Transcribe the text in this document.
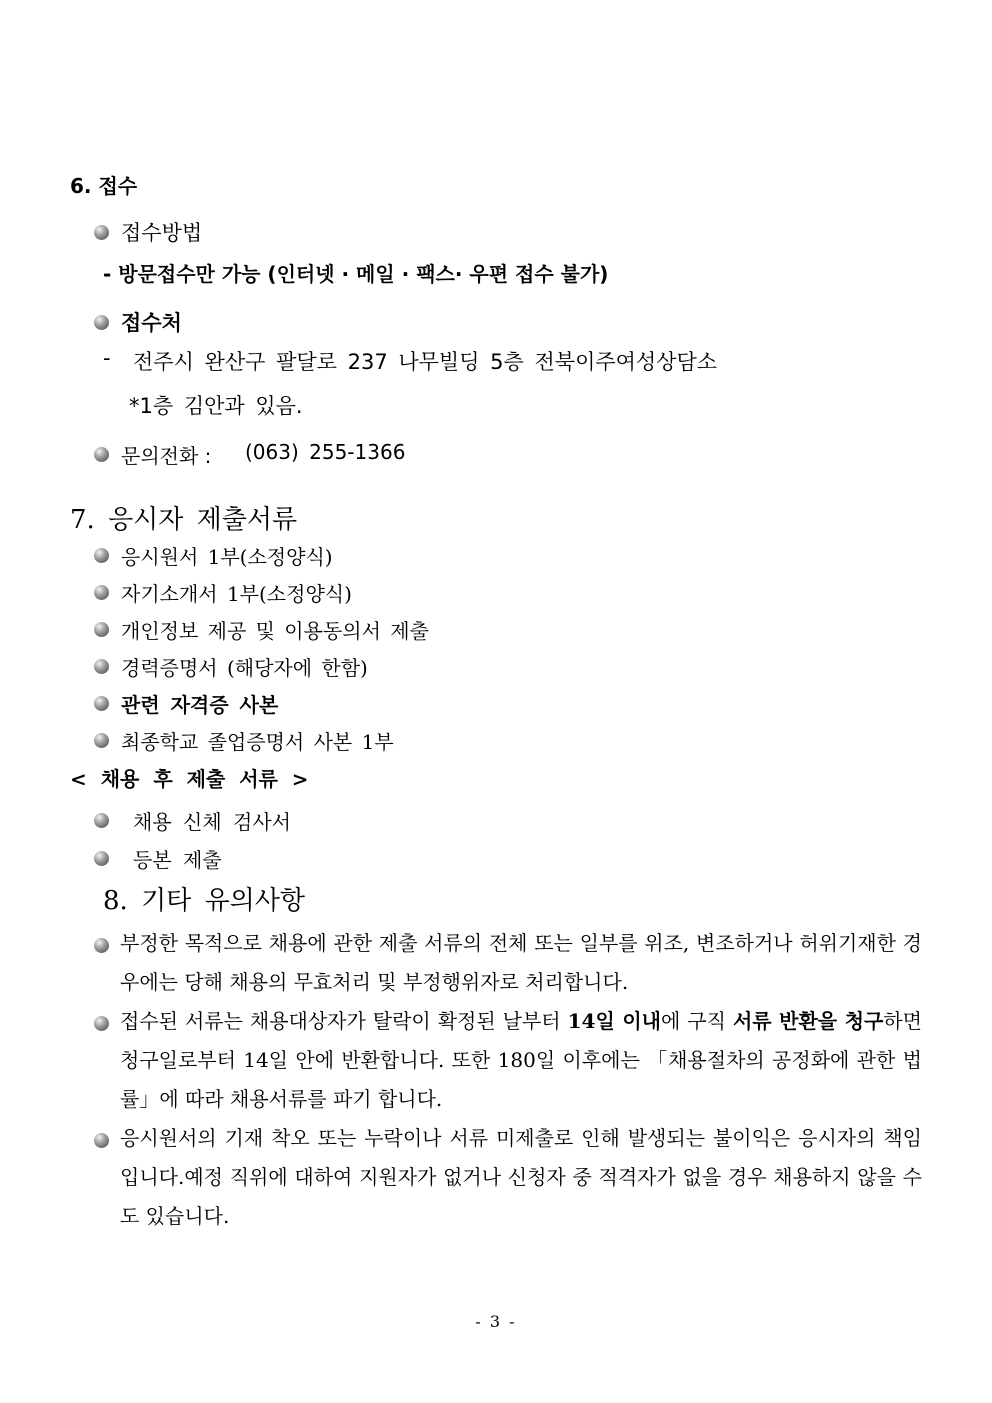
6. 접수
접수방법
- 방문접수만 가능 (인터넷 · 메일 · 팩스· 우편 접수 불가)
접수처
- 전주시 완산구 팔달로 237 나무빌딩 5층 전북이주여성상담소
*1층 김안과 있음.
문의전화 : (063) 255-1366
7. 응시자 제출서류
응시원서 1부(소정양식)
자기소개서 1부(소정양식)
개인정보 제공 및 이용동의서 제출
경력증명서 (해당자에 한함)
관련 자격증 사본
최종학교 졸업증명서 사본 1부
< 채용 후 제출 서류 >
채용 신체 검사서
등본 제출
8. 기타 유의사항
부정한 목적으로 채용에 관한 제출 서류의 전체 또는 일부를 위조, 변조하거나 허위기재한 경우에는 당해 채용의 무효처리 및 부정행위자로 처리합니다.
접수된 서류는 채용대상자가 탈락이 확정된 날부터 14일 이내에 구직 서류 반환을 청구하면 청구일로부터 14일 안에 반환합니다. 또한 180일 이후에는 「채용절차의 공정화에 관한 법률」에 따라 채용서류를 파기 합니다.
응시원서의 기재 착오 또는 누락이나 서류 미제출로 인해 발생되는 불이익은 응시자의 책임입니다.예정 직위에 대하여 지원자가 없거나 신청자 중 적격자가 없을 경우 채용하지 않을 수도 있습니다.
- 3 -
